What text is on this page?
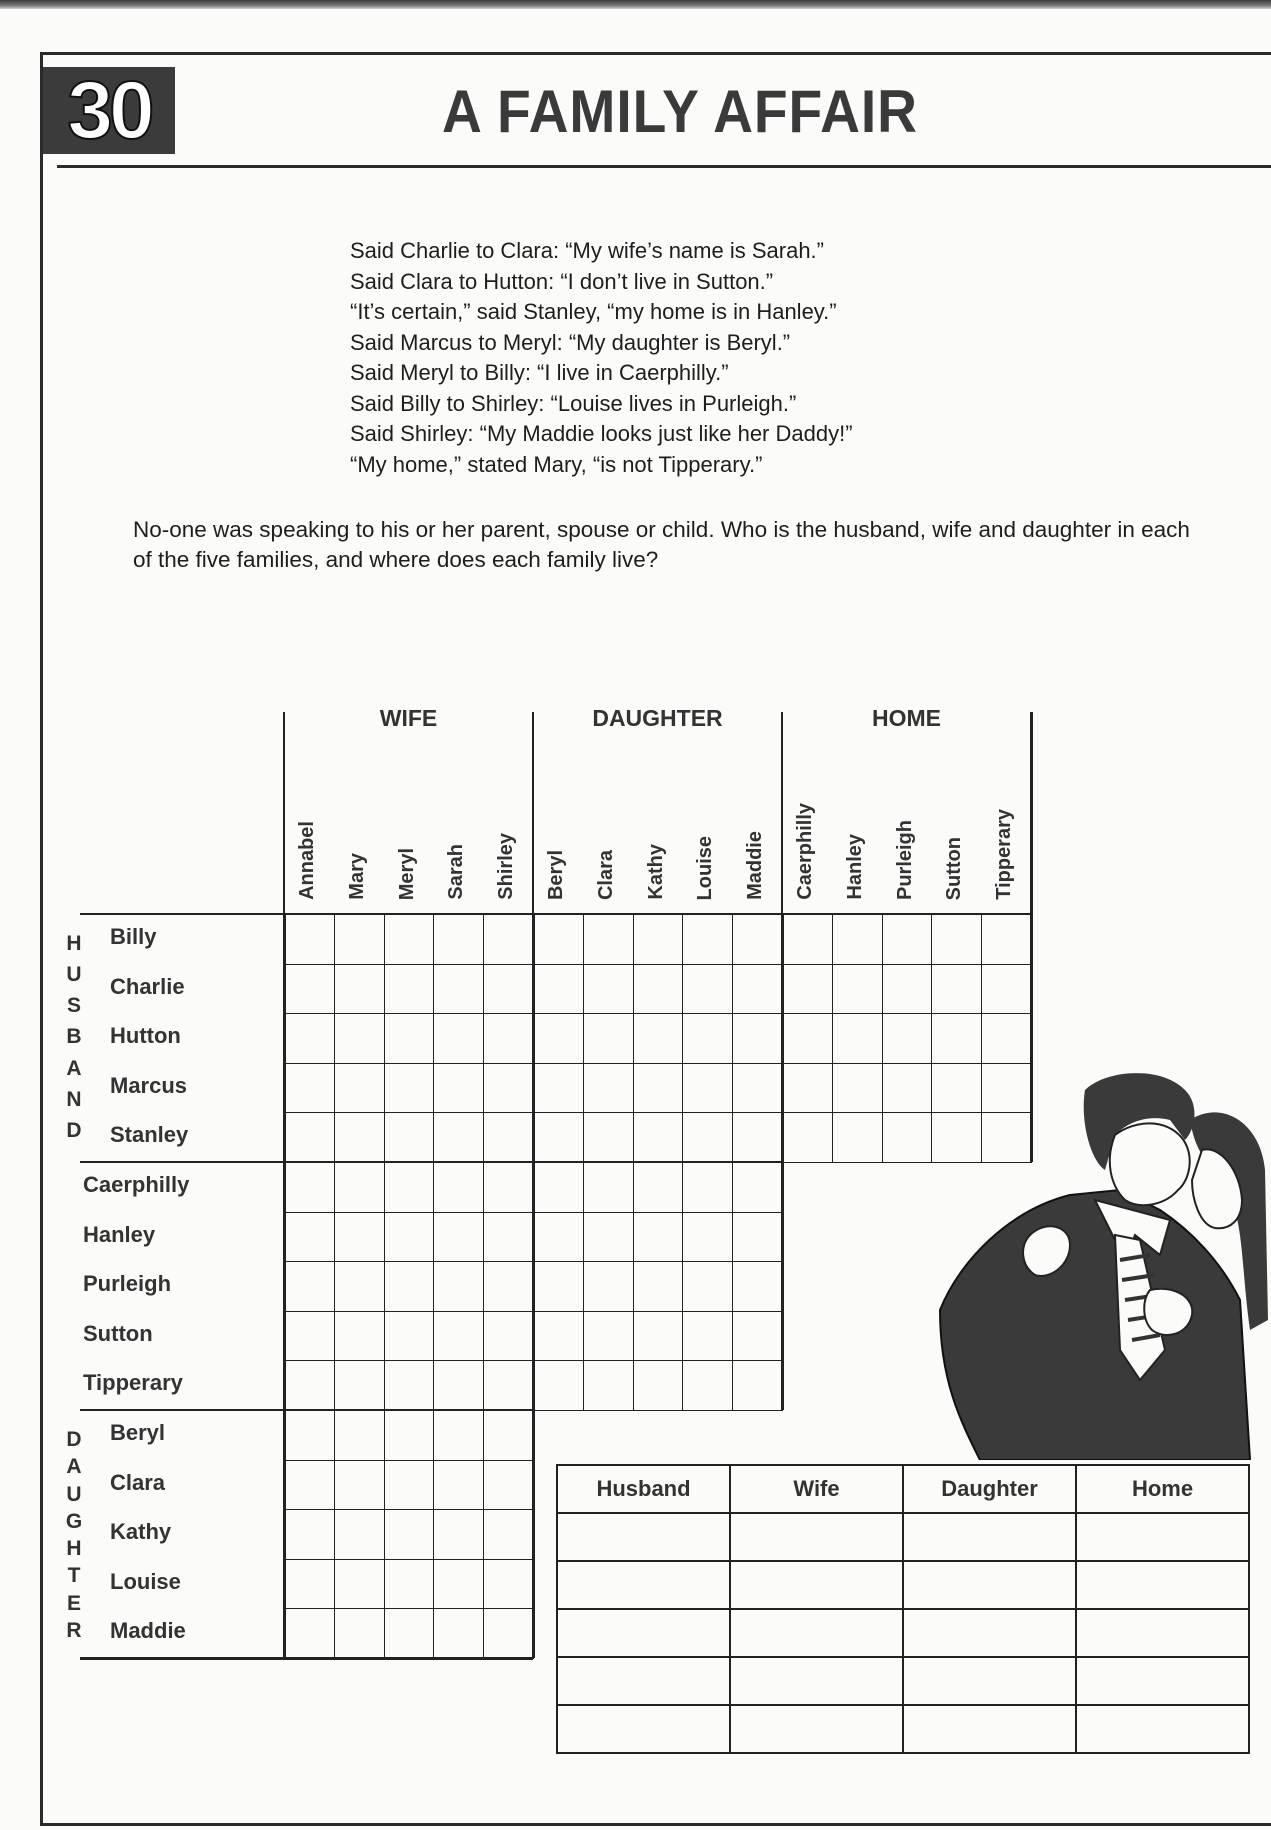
30	A FAMILY AFFAIR
Said Charlie to Clara: “My wife’s name is Sarah.”
Said Clara to Hutton: “I don’t live in Sutton.”
“It’s certain,” said Stanley, “my home is in Hanley.”
Said Marcus to Meryl: “My daughter is Beryl.”
Said Meryl to Billy: “I live in Caerphilly.”
Said Billy to Shirley: “Louise lives in Purleigh.”
Said Shirley: “My Maddie looks just like her Daddy!”
“My home,” stated Mary, “is not Tipperary.”
No-one was speaking to his or her parent, spouse or child. Who is the husband, wife and daughter in each of the five families, and where does each family live?
WIFE
Annabel Mary Meryl Sarah Shirley
DAUGHTER
Beryl Clara Kathy Louise Maddie
HOME
Caerphilly Hanley Purleigh Sutton Tipperary
H
U
S
B
A
N
D
Billy
Charlie
Hutton
Marcus
Stanley
Caerphilly
Hanley
Purleigh
Sutton
Tipperary
D
A
U
G
H
T
E
R
Beryl
Clara
Kathy
Louise
Maddie
Husband	Wife	Daughter	Home
